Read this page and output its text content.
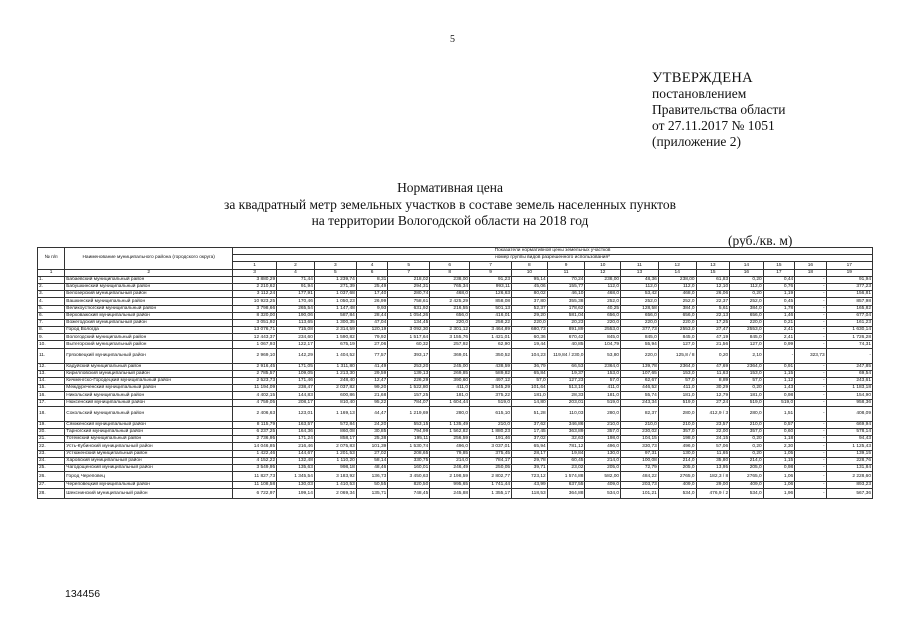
5
УТВЕРЖДЕНА
постановлением
Правительства области
от 27.11.2017 № 1051
(приложение 2)
Нормативная цена
за квадратный метр земельных участков в составе земель населенных пунктов
на территории Вологодской области на 2018 год
(руб./кв. м)
№ п/п	Наименование муниципального района (городского округа)	Показатели нормативной цены земельных участков																
		номер группы видов разрешенного использования*																
		1	2	3	4	5	6	7	8	9	10	11	12	13	14	15	16	17
1	2	3	4	5	6	7	8	9	10	11	12	13	14	15	16	17	18	19
1.	Бабаевский муниципальный район	3 880,29	71,44	1 239,74	8,31	218,02	238,00	91,23	95,14	70,24	238,00	48,36	238,00	61,83	0,20	0,44	-	91,94
2.	Бабушкинский муниципальный район	2 210,62	91,94	271,39	25,49	294,31	765,34	993,11	45,06	155,77	112,0	112,0	112,0	12,10	112,0	0,76	-	377,23
3.	Белозерский муниципальный район	3 112,24	177,91	1 037,68	17,40	280,74	468,0	126,63	80,02	46,10	468,0	53,42	468,0	26,06	0,20	1,19	-	156,81
4.	Вашкинский муниципальный район	10 923,25	170,46	1 050,23	26,99	758,61	2 425,29	858,08	37,80	355,38	252,0	252,0	252,0	22,37	252,0	0,45	-	857,98
5.	Великоустюгский муниципальный район	3 798,66	265,54	1 147,48	9,93	631,92	216,55	501,13	52,37	178,62	40,25	128,58	384,0	5,61	384,0	1,78	-	165,82
6.	Верховажский муниципальный район	8 320,00	190,06	587,84	28,44	1 054,26	656,0	416,01	29,20	581,04	656,0	656,0	656,0	22,13	656,0	1,46	-	677,04
7.	Вожегодский муниципальный район	3 051,92	113,65	1 300,35	47,04	134,45	220,0	258,22	220,0	20,23	220,0	220,0	220,0	17,25	220,0	0,21	-	161,23
8.	Город Вологда	13 076,71	715,08	2 314,59	120,19	3 092,30	2 301,12	3 464,89	680,73	891,89	2553,0	377,73	2553,0	27,47	2553,0	2,41	-	1 630,14
9.	Вологодский муниципальный район	12 443,37	234,60	1 590,82	79,92	1 517,64	3 155,76	1 421,01	60,36	670,42	845,0	845,0	845,0	47,19	845,0	2,41	-	1 726,28
10.	Вытегорский муниципальный район	1 067,93	122,17	675,19	27,06	60,32	257,92	62,90	19,44	40,85	104,79	55,94	127,0	21,56	127,0	0,99	-	74,31
11.	Грязовецкий муниципальный район	2 969,10	142,29	1 404,52	77,57	393,17	369,01	350,52	104,23	119,84 / 230,0	53,80	220,0	125,8 / 8	0,20	2,10	-	323,73	-
12.	Кадуйский муниципальный район	2 916,45	171,05	1 311,80	41,49	253,20	245,00	438,59	36,79	66,53	2364,0	139,78	2364,0	47,69	2364,0	0,91	-	247,85
13.	Кирилловский муниципальный район	2 785,57	109,05	1 213,30	29,59	139,13	269,85	589,82	65,84	19,37	153,0	107,65	153,0	11,63	153,0	1,15	-	69,54
14.	Кичменгско-Городецкий муниципальный район	2 523,73	171,46	248,40	12,47	226,29	390,60	497,12	57,0	127,23	57,0	62,67	57,0	8,89	57,0	1,12	-	243,61
15.	Междуреченский муниципальный район	11 194,09	238,47	2 037,82	99,20	1 522,80	411,0	3 545,29	101,64	513,10	411,0	446,52	411,0	30,29	0,20	1,43	-	1 183,18
16.	Никольский муниципальный район	4 402,15	144,83	600,86	21,68	157,25	181,0	375,22	181,0	28,33	181,0	55,74	181,0	12,79	181,0	0,98	-	154,90
17.	Нюксенский муниципальный район	4 759,05	208,17	810,40	95,22	784,07	1 604,44	519,0	14,80	203,01	519,0	243,34	519,0	27,24	519,0	519,0	-	958,36
18.	Сокольский муниципальный район	2 406,63	123,01	1 169,13	44,47	1 219,69	280,0	615,10	51,28	110,03	280,0	82,37	280,0	412,9 / 3	280,0	1,51	-	408,09
19.	Сямженский муниципальный район	8 115,79	163,57	572,84	24,20	553,15	1 135,49	210,0	37,62	346,86	210,0	210,0	210,0	23,57	210,0	0,57	-	669,94
20.	Тарногский муниципальный район	6 237,25	164,36	860,08	30,85	794,99	1 562,82	1 880,23	17,45	363,89	357,0	230,02	357,0	22,00	357,0	0,60	-	578,14
21.	Тотемский муниципальный район	2 736,95	171,24	858,17	25,38	195,11	256,59	191,46	37,02	32,63	198,0	104,15	198,0	24,15	0,20	1,18	-	94,43
22.	Усть-Кубинский муниципальный район	14 046,85	216,46	2 075,83	101,39	1 530,74	496,0	3 037,01	65,94	781,12	496,0	330,73	496,0	57,06	0,20	2,30	-	1 125,43
23.	Устюженский муниципальный район	1 422,46	144,67	1 201,53	27,02	208,65	79,85	375,45	28,17	19,84	130,0	97,31	130,0	11,65	0,20	1,05	-	139,15
24.	Харовский муниципальный район	4 152,22	132,48	1 110,20	58,14	330,75	214,0	784,17	29,78	60,45	214,0	100,08	214,0	35,80	214,0	1,15	-	228,76
25.	Чагодощенский муниципальный район	3 549,95	135,63	998,18	48,46	160,01	246,49	250,05	39,71	23,02	205,0	72,79	205,0	13,95	205,0	0,98	-	131,84
26.	Город Череповец	11 827,73	1 345,54	3 183,92	136,73	3 450,63	2 198,59	2 802,77	723,12	1 574,88	582,00	484,22	2765,0	182,3 / 8	2765,0	1,06	-	2 228,60
27.	Череповецкий муниципальный район	11 108,58	130,03	1 410,53	50,55	820,50	995,65	1 741,44	43,99	637,55	409,0	203,73	409,0	29,00	409,0	1,06	-	893,23
28.	Шекснинский муниципальный район	6 722,97	199,14	2 069,34	135,71	748,45	245,88	1 355,17	118,53	364,88	534,0	101,21	534,0	476,9 / 2	534,0	1,96	-	567,36
134456
